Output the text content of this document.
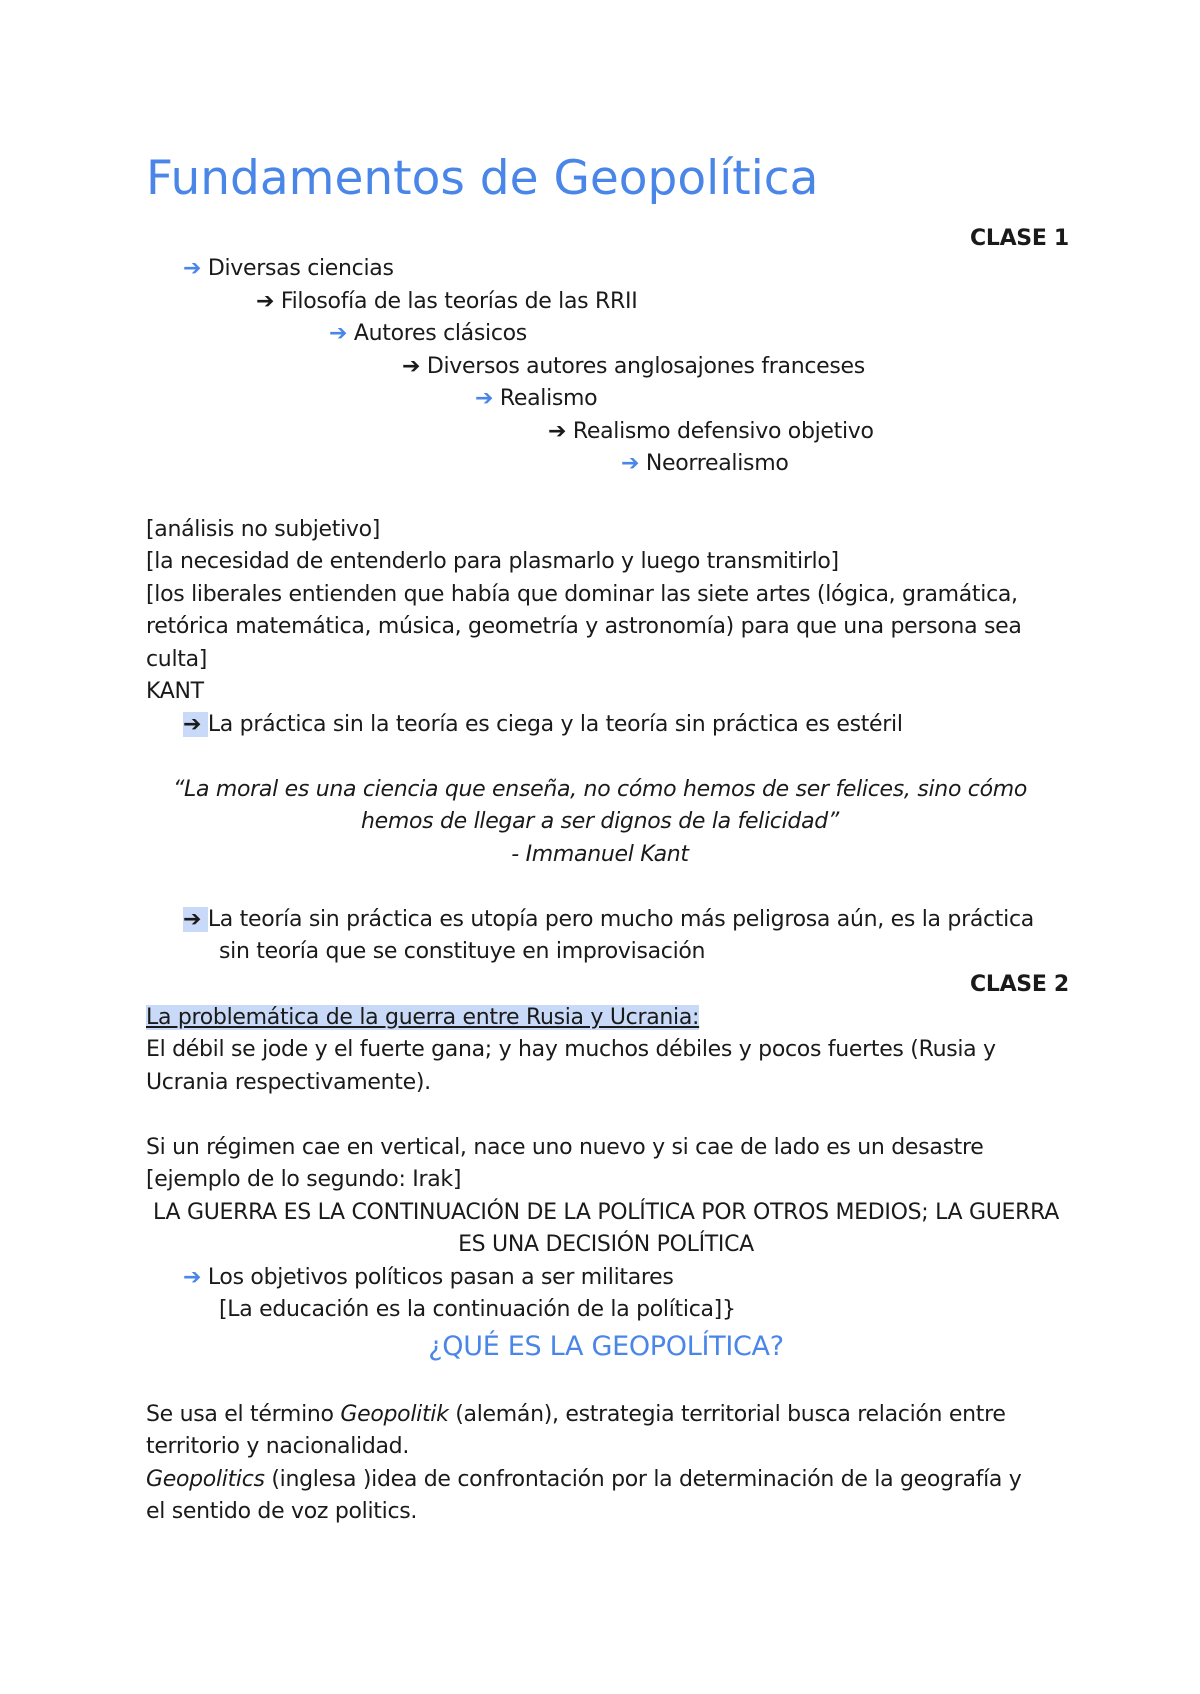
Fundamentos de Geopolítica
CLASE 1
➔ Diversas ciencias
➔ Filosofía de las teorías de las RRII
➔ Autores clásicos
➔ Diversos autores anglosajones franceses
➔ Realismo
➔ Realismo defensivo objetivo
➔ Neorrealismo
[análisis no subjetivo]
[la necesidad de entenderlo para plasmarlo y luego transmitirlo]
[los liberales entienden que había que dominar las siete artes (lógica, gramática,
retórica matemática, música, geometría y astronomía) para que una persona sea
culta]
KANT
➔ La práctica sin la teoría es ciega y la teoría sin práctica es estéril
“La moral es una ciencia que enseña, no cómo hemos de ser felices, sino cómo
hemos de llegar a ser dignos de la felicidad”
- Immanuel Kant
➔ La teoría sin práctica es utopía pero mucho más peligrosa aún, es la práctica
sin teoría que se constituye en improvisación
CLASE 2
La problemática de la guerra entre Rusia y Ucrania:
El débil se jode y el fuerte gana; y hay muchos débiles y pocos fuertes (Rusia y
Ucrania respectivamente).
Si un régimen cae en vertical, nace uno nuevo y si cae de lado es un desastre
[ejemplo de lo segundo: Irak]
LA GUERRA ES LA CONTINUACIÓN DE LA POLÍTICA POR OTROS MEDIOS; LA GUERRA
ES UNA DECISIÓN POLÍTICA
➔ Los objetivos políticos pasan a ser militares
[La educación es la continuación de la política]}
¿QUÉ ES LA GEOPOLÍTICA?
Se usa el término Geopolitik (alemán), estrategia territorial busca relación entre
territorio y nacionalidad.
Geopolitics (inglesa )idea de confrontación por la determinación de la geografía y
el sentido de voz politics.
